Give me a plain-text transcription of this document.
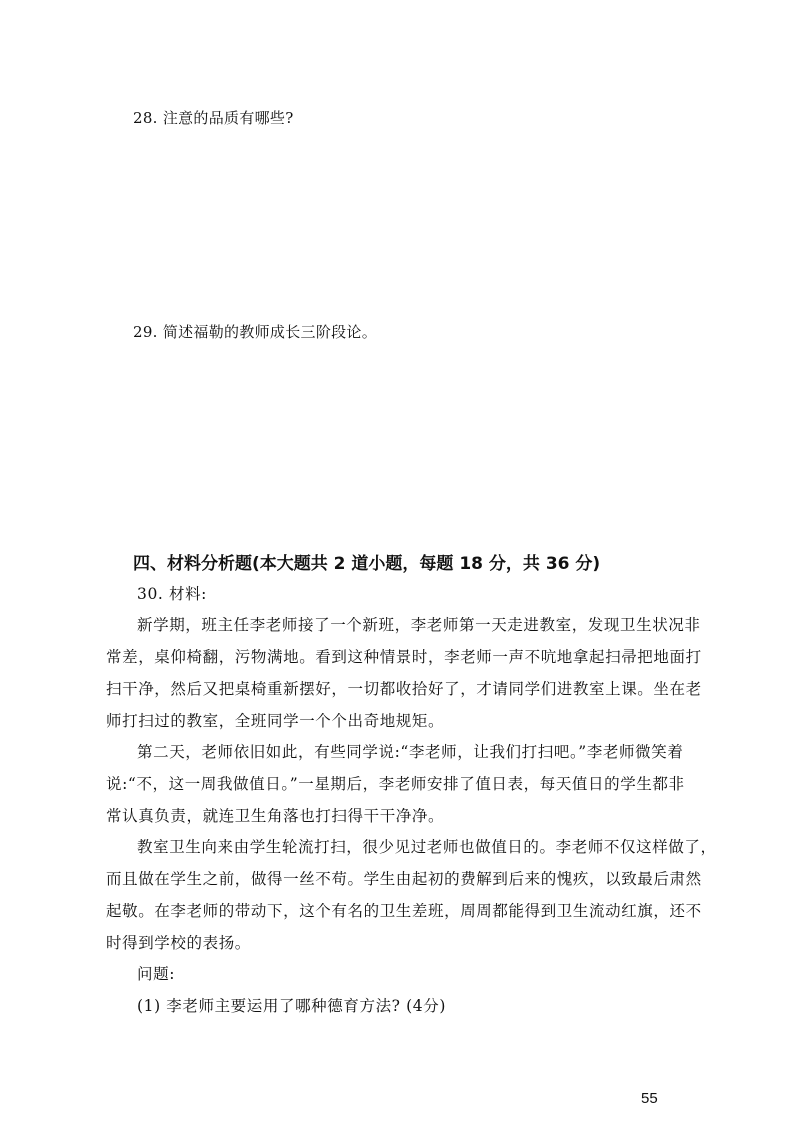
28. 注意的品质有哪些?
29. 简述福勒的教师成长三阶段论。
四、材料分析题(本大题共 2 道小题，每题 18 分，共 36 分)
30. 材料:
新学期，班主任李老师接了一个新班，李老师第一天走进教室，发现卫生状况非
常差，桌仰椅翻，污物满地。看到这种情景时，李老师一声不吭地拿起扫帚把地面打
扫干净，然后又把桌椅重新摆好，一切都收拾好了，才请同学们进教室上课。坐在老
师打扫过的教室，全班同学一个个出奇地规矩。
第二天，老师依旧如此，有些同学说:“李老师，让我们打扫吧。”李老师微笑着
说:“不，这一周我做值日。”一星期后，李老师安排了值日表，每天值日的学生都非
常认真负责，就连卫生角落也打扫得干干净净。
教室卫生向来由学生轮流打扫，很少见过老师也做值日的。李老师不仅这样做了，
而且做在学生之前，做得一丝不苟。学生由起初的费解到后来的愧疚，以致最后肃然
起敬。在李老师的带动下，这个有名的卫生差班，周周都能得到卫生流动红旗，还不
时得到学校的表扬。
问题:
(1) 李老师主要运用了哪种德育方法? (4分)
55
